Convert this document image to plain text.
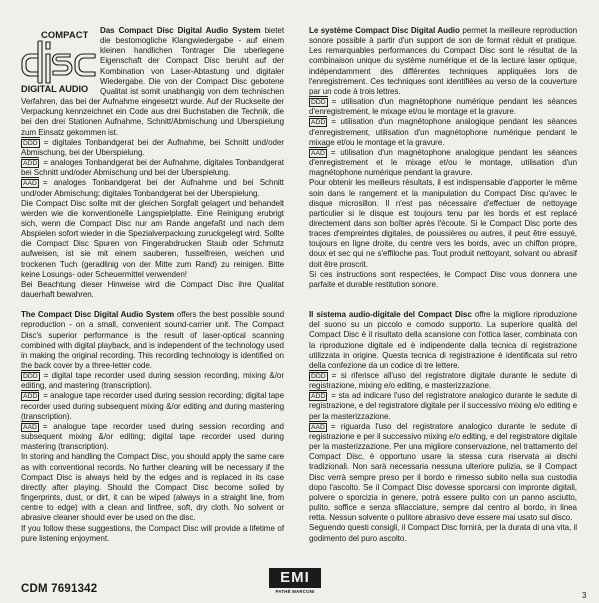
COMPACT
DIGITAL AUDIO

Das Compact Disc Digital Audio System bietet die bestomogliche Klangwiedergabe - auf einem kleinen handlichen Tontrager Die uberlegene Eigenschaft der Compact Disc beruht auf der Kombination von Laser-Abtastung und digitaler Wiedergabe. Die von der Compact Disc gebotene Qualitat ist somit unabhangig von dem technischen Verfahren, das bei der Aufnahme eingesetzt wurde. Auf der Ruckseite der Verpackung kennzeichnet ein Code aus drei Buchstaben die Technik, die bei den drei Stationen Aufnahme, Schnitt/Abmischung und Uberspielung zum Einsatz gekommen ist.

DDD = digitales Tonbandgerat bei der Aufnahme, bei Schnitt und/oder Abmischung, bei der Uberspielung.

ADD = analoges Tonbandgerat bei der Aufnahme, digitales Tonbandgerat bei Schnitt und/oder Abmischung und bei der Uberspielung.

AAD = analoges Tonbandgerat bei der Aufnahme und bei Schnitt und/oder Abmischung; digitales Tonbandgerat bei der Uberspielung.

Die Compact Disc sollte mit der gleichen Sorgfalt gelagert und behandelt werden wie die konventionelle Langspielplatte. Eine Reinigung erubrigt sich, wenn die Compact Disc nur am Rande angefaßt und nach dem Abspielen sofort wieder in die Spezialverpackung zuruckgelegt wird. Sollte die Compact Disc Spuren von Fingerabdrucken Staub oder Schmutz aufweisen, ist sie mit einem sauberen, fusselfreien, weichen und trockenen Tuch (geradlinig von der Mitte zum Rand) zu reinigen. Bitte keine Losungs- oder Scheuermittel verwenden!

Bei Beachtung dieser Hinweise wird die Compact Disc ihre Qualitat dauerhaft bewahren.

The Compact Disc Digital Audio System offers the best possible sound reproduction - on a small, convenient sound-carrier unit. The Compact Disc's superior performance is the result of laser-optical scanning combined with digital playback, and is independent of the technology used in making the original recording. This recording technology is identified on the back cover by a three-letter code.

DDD = digital tape recorder used during session recording, mixing &/or editing, and mastering (transcription).

ADD = analogue tape recorder used during session recording; digital tape recorder used during subsequent mixing &/or editing and during mastering (transcription).

AAD = analogue tape recorder used during session recording and subsequent mixing &/or editing; digital tape recorder used during mastering (transcription).

In storing and handling the Compact Disc, you should apply the same care as with conventional records. No further cleaning will be necessary if the Compact Disc is always held by the edges and is replaced in its case directly after playing. Should the Compact Disc become soiled by fingerprints, dust, or dirt, it can be wiped (always in a straight line, from centre to edge) with a clean and lintfree, soft, dry cloth. No solvent or abrasive cleaner should ever be used on the disc.

If you follow these suggestions, the Compact Disc will provide a lifetime of pure listening enjoyment.

Le système Compact Disc Digital Audio permet la meilleure reproduction sonore possible à partir d'un support de son de format réduit et pratique. Les remarquables performances du Compact Disc sont le résultat de la combinaison unique du système numérique et de la lecture laser optique, indépendamment des différentes techniques appliquées lors de l'enregistrement. Ces techniques sont identifiées au verso de la couverture par un code à trois lettres.

DDD = utilisation d'un magnétophone numérique pendant les séances d'enregistrement, le mixage et/ou le montage et la gravure.

ADD = utilisation d'un magnétophone analogique pendant les séances d'enregistrement, utilisation d'un magnétophone numérique pendant le mixage et/ou le montage et la gravure.

AAD = utilisation d'un magnétophone analogique pendant les séances d'enregistrement et le mixage et/ou le montage, utilisation d'un magnétophone numérique pendant la gravure.

Pour obtenir les meilleurs résultats, il est indispensable d'apporter le même soin dans le rangement et la manipulation du Compact Disc qu'avec le disque microsillon. Il n'est pas nécessaire d'effectuer de nettoyage particulier si le disque est toujours tenu par les bords et est replacé directement dans son boîtier après l'écoute. Si le Compact Disc porte des traces d'empreintes digitales, de poussières ou autres, il peut être essuyé, toujours en ligne droite, du centre vers les bords, avec un chiffon propre, doux et sec qui ne s'effiloche pas. Tout produit nettoyant, solvant ou abrasif doit être proscrit.

Si ces instructions sont respectées, le Compact Disc vous donnera une parfaite et durable restitution sonore.

Il sistema audio-digitale del Compact Disc offre la migliore riproduzione del suono su un piccolo e comodo supporto. La superiore qualità del Compact Disc è il risultato della scansione con l'ottica laser, combinata con la riproduzione digitale ed è indipendente dalla tecnica di registrazione utilizzata in origine. Questa tecnica di registrazione è identificata sul retro della confezione da un codice di tre lettere.

DDD = si riferisce all'uso del registratore digitale durante le sedute di registrazione, mixing e/o editing, e masterizzazione.

ADD = sta ad indicare l'uso del registratore analogico durante le sedute di registrazione, e del registratore digitale per il successivo mixing e/o editing e per la masterizzazione.

AAD = riguarda l'uso del registratore analogico durante le sedute di registrazione e per il successivo mixing e/o editing, e del registratore digitale per la masterizzazione. Per una migliore conservazione, nel trattamento del Compact Disc, è opportuno usare la stessa cura riservata ai dischi tradizionali. Non sarà necessaria nessuna ulteriore pulizia, se il Compact Disc verrà sempre preso per il bordo e rimesso subito nella sua custodia dopo l'ascolto. Se il Compact Disc dovesse sporcarsi con impronte digitali, polvere o sporcizia in genere, potrà essere pulito con un panno asciutto, pulito, soffice e senza sfilacciature, sempre dal centro al bordo, in linea retta. Nessun solvente o pulitore abrasivo deve essere mai usato sul disco.

Seguendo questi consigli, il Compact Disc fornirà, per la durata di una vita, il godimento del puro ascolto.

CDM 7691342
EMI
PATHÉ MARCONI	3
